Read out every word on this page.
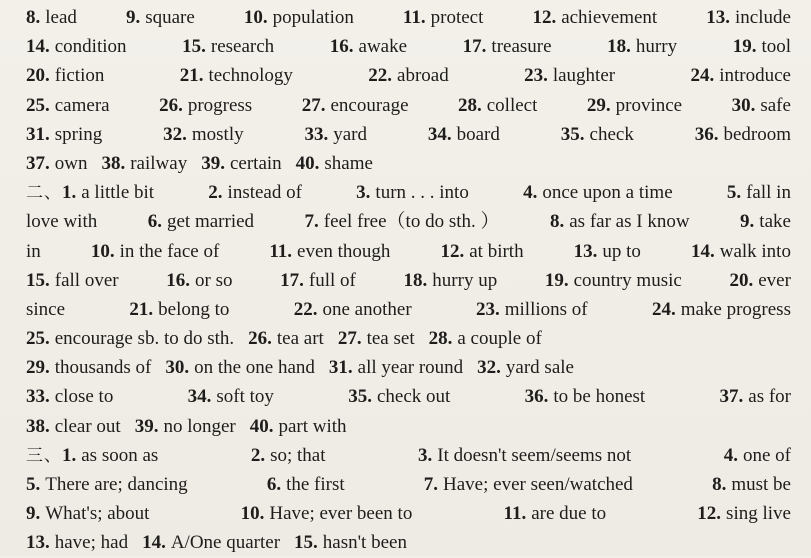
8. lead	9. square	10. population	11. protect	12. achievement	13. include
14. condition	15. research	16. awake	17. treasure	18. hurry	19. tool
20. fiction	21. technology	22. abroad	23. laughter	24. introduce
25. camera	26. progress	27. encourage	28. collect	29. province	30. safe
31. spring	32. mostly	33. yard	34. board	35. check	36. bedroom
37. own 38. railway 39. certain 40. shame
二、1. a little bit	2. instead of	3. turn . . . into	4. once upon a time	5. fall in
love with	6. get married	7. feel free（to do sth. ）	8. as far as I know	9. take
in	10. in the face of	11. even though	12. at birth	13. up to	14. walk into
15. fall over	16. or so	17. full of	18. hurry up	19. country music	20. ever
since	21. belong to	22. one another	23. millions of	24. make progress
25. encourage sb. to do sth. 26. tea art 27. tea set 28. a couple of
29. thousands of 30. on the one hand 31. all year round 32. yard sale
33. close to	34. soft toy	35. check out	36. to be honest	37. as for
38. clear out 39. no longer 40. part with
三、1. as soon as	2. so; that	3. It doesn't seem/seems not	4. one of
5. There are; dancing	6. the first	7. Have; ever seen/watched	8. must be
9. What's; about	10. Have; ever been to	11. are due to	12. sing live
13. have; had 14. A/One quarter 15. hasn't been
